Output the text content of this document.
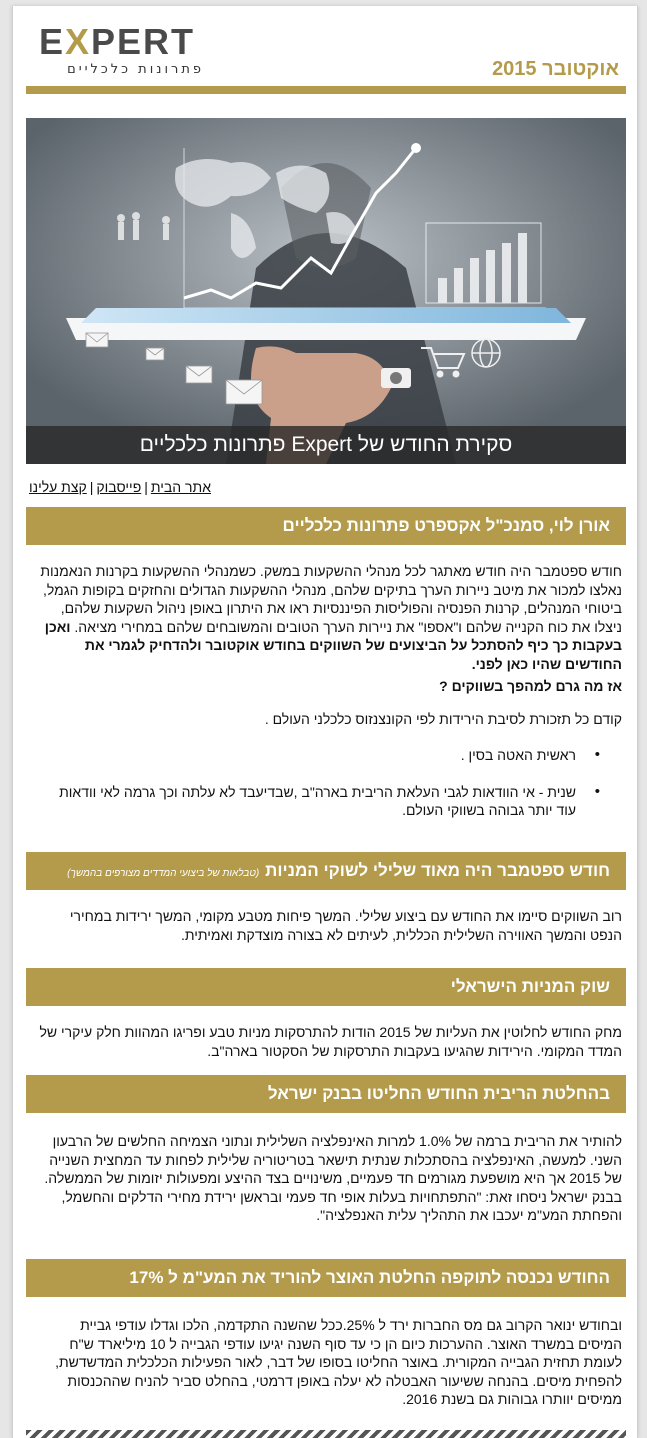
EXPERT
פתרונות כלכליים	אוקטובר 2015
סקירת החודש של Expert פתרונות כלכליים
אתר הבית|פייסבוק|קצת עלינו
אורן לוי, סמנכ"ל אקספרט פתרונות כלכליים

חודש ספטמבר היה חודש מאתגר לכל מנהלי ההשקעות במשק. כשמנהלי ההשקעות בקרנות הנאמנות נאלצו למכור את מיטב ניירות הערך בתיקים שלהם, מנהלי ההשקעות הגדולים והחזקים בקופות הגמל, ביטוחי המנהלים, קרנות הפנסיה והפוליסות הפיננסיות ראו את היתרון באופן ניהול השקעות שלהם, ניצלו את כוח הקנייה שלהם ו"אספו" את ניירות הערך הטובים והמשובחים שלהם במחירי מציאה. ואכן בעקבות כך כיף להסתכל על הביצועים של השווקים בחודש אוקטובר ולהדחיק לגמרי את החודשים שהיו כאן לפני.

אז מה גרם למהפך בשווקים ?

קודם כל תזכורת לסיבת הירידות לפי הקונצנזוס כלכלני העולם .

• ראשית האטה בסין .
• שנית - אי הוודאות לגבי העלאת הריבית בארה"ב ,שבדיעבד לא עלתה וכך גרמה לאי וודאות עוד יותר גבוהה בשווקי העולם.
חודש ספטמבר היה מאוד שלילי לשוקי המניות(טבלאות של ביצועי המדדים מצורפים בהמשך)

רוב השווקים סיימו את החודש עם ביצוע שלילי. המשך פיחות מטבע מקומי, המשך ירידות במחירי הנפט והמשך האווירה השלילית הכללית, לעיתים לא בצורה מוצדקת ואמיתית.

שוק המניות הישראלי

מחק החודש לחלוטין את העליות של 2015 הודות להתרסקות מניות טבע ופריגו המהוות חלק עיקרי של המדד המקומי. הירידות שהגיעו בעקבות התרסקות של הסקטור בארה"ב.

בהחלטת הריבית החודש החליטו בבנק ישראל

להותיר את הריבית ברמה של 1.0% למרות האינפלציה השלילית ונתוני הצמיחה החלשים של הרבעון השני. למעשה, האינפלציה בהסתכלות שנתית תישאר בטריטוריה שלילית לפחות עד המחצית השנייה של 2015 אך היא מושפעת מגורמים חד פעמיים, משינויים בצד ההיצע ומפעולות יזומות של הממשלה. בבנק ישראל ניסחו זאת: "התפתחויות בעלות אופי חד פעמי ובראשן ירידת מחירי הדלקים והחשמל, והפחתת המע"מ יעכבו את התהליך עלית האנפלציה".

החודש נכנסה לתוקפה החלטת האוצר להוריד את המע"מ ל 17%

ובחודש ינואר הקרוב גם מס החברות ירד ל 25%.ככל שהשנה התקדמה, הלכו וגדלו עודפי גביית המיסים במשרד האוצר. ההערכות כיום הן כי עד סוף השנה יגיעו עודפי הגבייה ל 10 מיליארד ש"ח לעומת תחזית הגבייה המקורית. באוצר החליטו בסופו של דבר, לאור הפעילות הכלכלית המדשדשת, להפחית מיסים. בהנחה ששיעור האבטלה לא יעלה באופן דרמטי, בהחלט סביר להניח שההכנסות ממיסים יוותרו גבוהות גם בשנת 2016.
